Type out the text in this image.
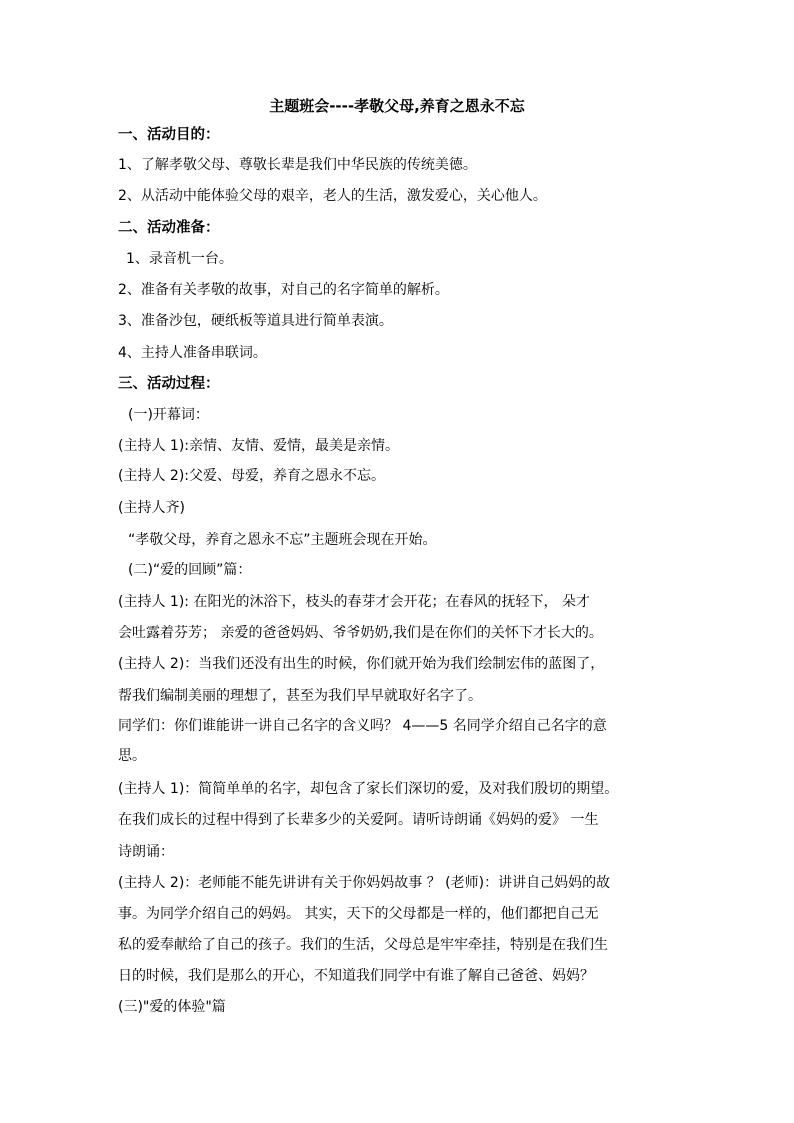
主题班会----孝敬父母,养育之恩永不忘
一、活动目的：
1、了解孝敬父母、尊敬长辈是我们中华民族的传统美德。
2、从活动中能体验父母的艰辛，老人的生活，激发爱心，关心他人。
二、活动准备：
1、录音机一台。
2、准备有关孝敬的故事，对自己的名字简单的解析。
3、准备沙包，硬纸板等道具进行简单表演。
4、主持人准备串联词。
三、活动过程：
(一)开幕词：
(主持人 1):亲情、友情、爱情，最美是亲情。
(主持人 2):父爱、母爱，养育之恩永不忘。
(主持人齐)
“孝敬父母，养育之恩永不忘”主题班会现在开始。
(二)“爱的回顾”篇：
(主持人 1): 在阳光的沐浴下，枝头的春芽才会开花；在春风的抚轻下， 朵才
会吐露着芬芳； 亲爱的爸爸妈妈、爷爷奶奶,我们是在你们的关怀下才长大的。
(主持人 2)：当我们还没有出生的时候，你们就开始为我们绘制宏伟的蓝图了，
帮我们编制美丽的理想了，甚至为我们早早就取好名字了。
同学们：你们谁能讲一讲自己名字的含义吗？ 4——5 名同学介绍自己名字的意
思。
(主持人 1)：简简单单的名字，却包含了家长们深切的爱，及对我们殷切的期望。
在我们成长的过程中得到了长辈多少的关爱阿。请听诗朗诵《妈妈的爱》 一生
诗朗诵：
(主持人 2)：老师能不能先讲讲有关于你妈妈故事 ？ (老师)：讲讲自己妈妈的故
事。为同学介绍自己的妈妈。 其实，天下的父母都是一样的，他们都把自己无
私的爱奉献给了自己的孩子。我们的生活，父母总是牢牢牵挂，特别是在我们生
日的时候，我们是那么的开心，不知道我们同学中有谁了解自己爸爸、妈妈？
(三)"爱的体验"篇
